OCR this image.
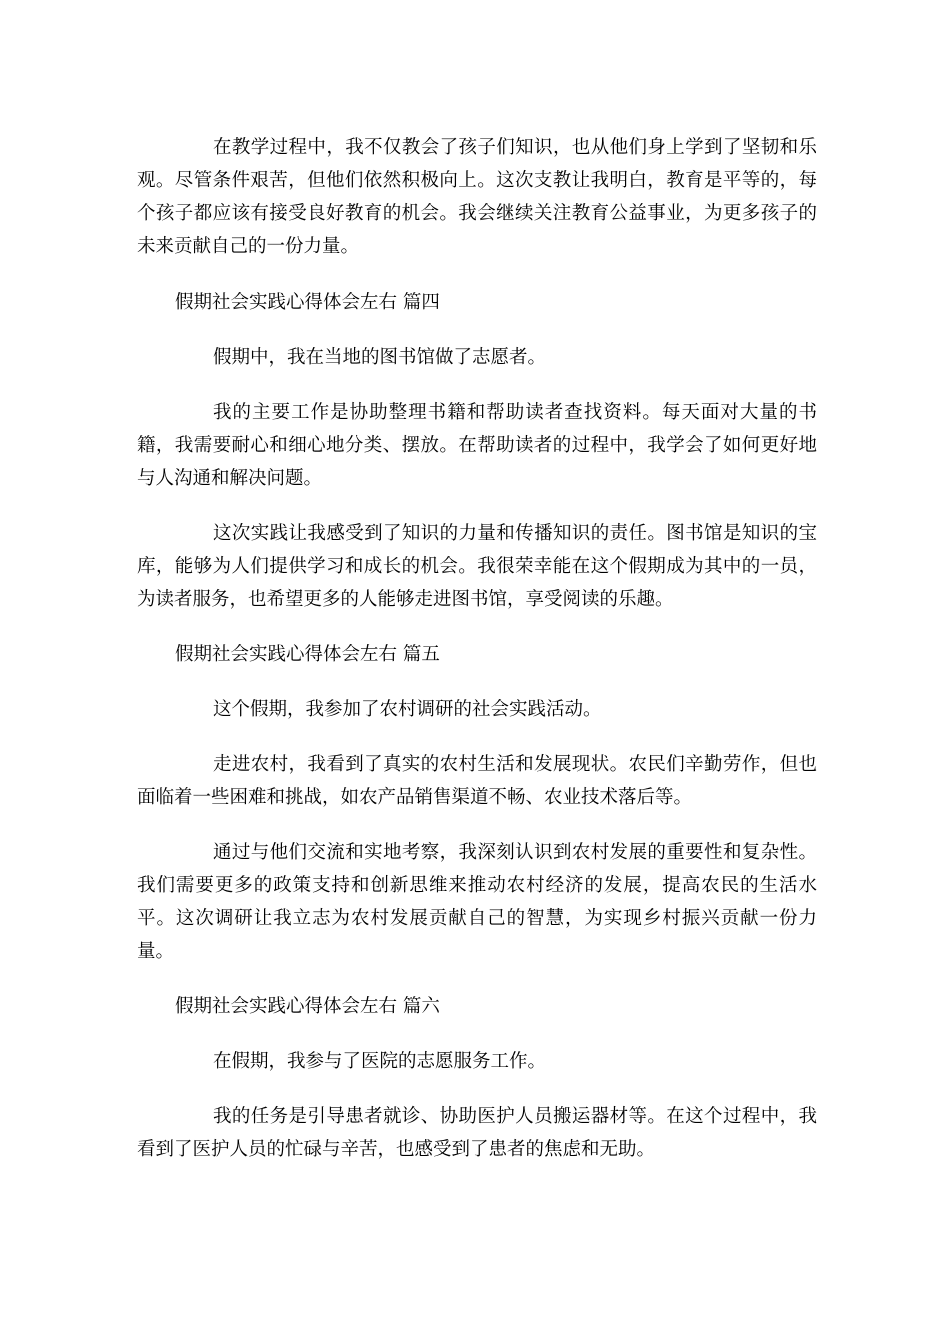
在教学过程中，我不仅教会了孩子们知识，也从他们身上学到了坚韧和乐观。尽管条件艰苦，但他们依然积极向上。这次支教让我明白，教育是平等的，每个孩子都应该有接受良好教育的机会。我会继续关注教育公益事业，为更多孩子的未来贡献自己的一份力量。

假期社会实践心得体会左右 篇四

假期中，我在当地的图书馆做了志愿者。

我的主要工作是协助整理书籍和帮助读者查找资料。每天面对大量的书籍，我需要耐心和细心地分类、摆放。在帮助读者的过程中，我学会了如何更好地与人沟通和解决问题。

这次实践让我感受到了知识的力量和传播知识的责任。图书馆是知识的宝库，能够为人们提供学习和成长的机会。我很荣幸能在这个假期成为其中的一员，为读者服务，也希望更多的人能够走进图书馆，享受阅读的乐趣。

假期社会实践心得体会左右 篇五

这个假期，我参加了农村调研的社会实践活动。

走进农村，我看到了真实的农村生活和发展现状。农民们辛勤劳作，但也面临着一些困难和挑战，如农产品销售渠道不畅、农业技术落后等。

通过与他们交流和实地考察，我深刻认识到农村发展的重要性和复杂性。我们需要更多的政策支持和创新思维来推动农村经济的发展，提高农民的生活水平。这次调研让我立志为农村发展贡献自己的智慧，为实现乡村振兴贡献一份力量。

假期社会实践心得体会左右 篇六

在假期，我参与了医院的志愿服务工作。

我的任务是引导患者就诊、协助医护人员搬运器材等。在这个过程中，我看到了医护人员的忙碌与辛苦，也感受到了患者的焦虑和无助。
